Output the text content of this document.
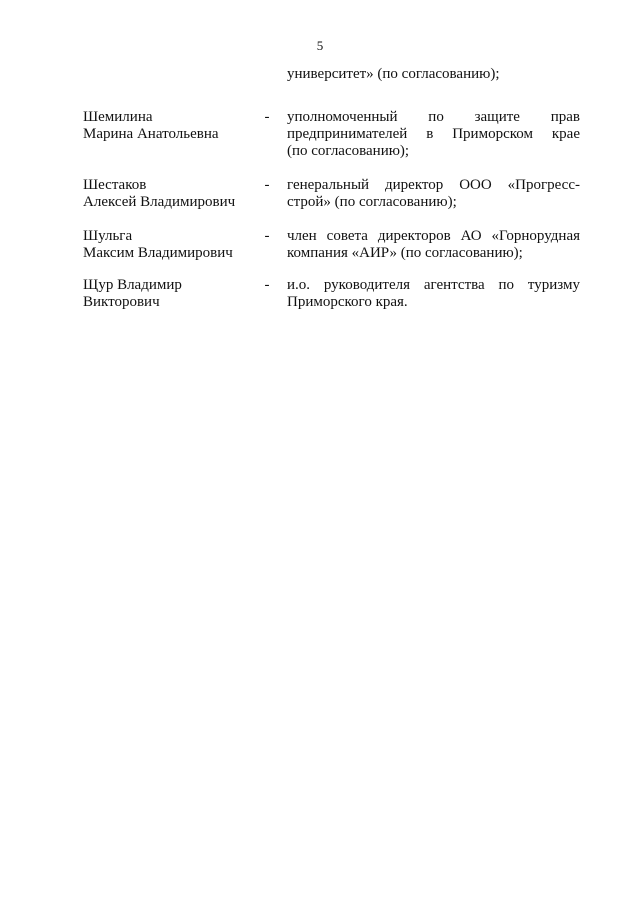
5
университет» (по согласованию);
Шемилина
Марина Анатольевна
- уполномоченный по защите прав
предпринимателей в Приморском крае
(по согласованию);
Шестаков
Алексей Владимирович
- генеральный директор ООО «Прогресс-
строй» (по согласованию);
Шульга
Максим Владимирович
- член совета директоров АО «Горнорудная
компания «АИР» (по согласованию);
Щур Владимир
Викторович
- и.о. руководителя агентства по туризму
Приморского края.
